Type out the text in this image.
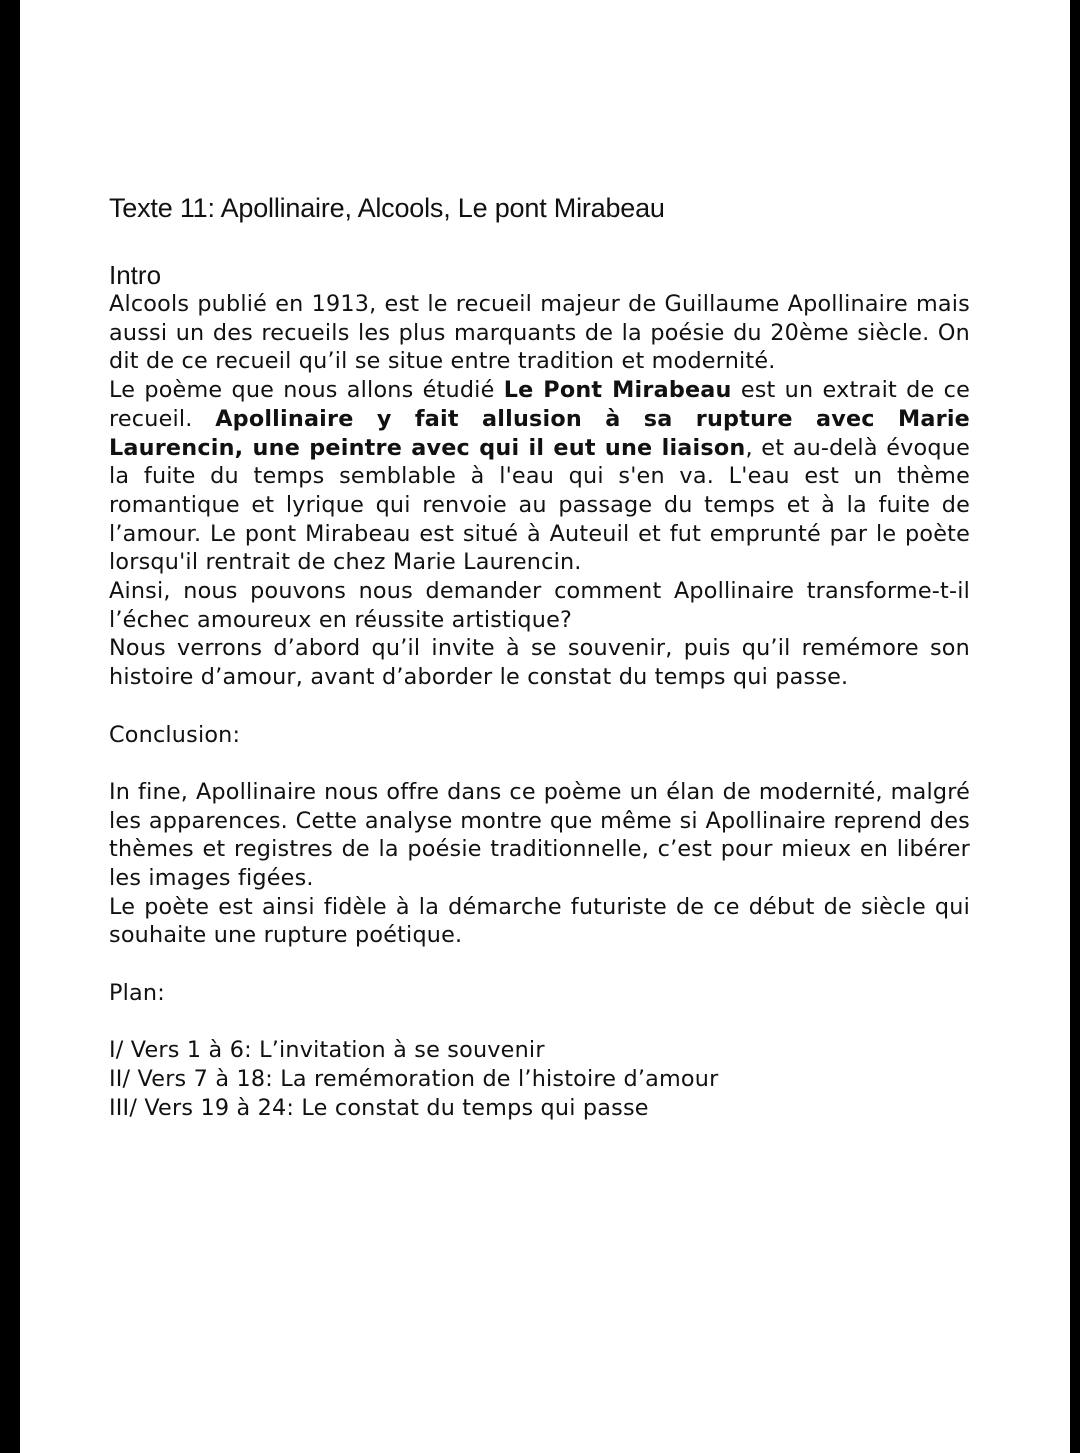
Texte 11: Apollinaire, Alcools, Le pont Mirabeau
Intro

Alcools publié en 1913, est le recueil majeur de Guillaume Apollinaire mais aussi un des recueils les plus marquants de la poésie du 20ème siècle. On dit de ce recueil qu’il se situe entre tradition et modernité.

Le poème que nous allons étudié Le Pont Mirabeau est un extrait de ce recueil. Apollinaire y fait allusion à sa rupture avec Marie Laurencin, une peintre avec qui il eut une liaison, et au-delà évoque la fuite du temps semblable à l'eau qui s'en va. L'eau est un thème romantique et lyrique qui renvoie au passage du temps et à la fuite de l’amour. Le pont Mirabeau est situé à Auteuil et fut emprunté par le poète lorsqu'il rentrait de chez Marie Laurencin.

Ainsi, nous pouvons nous demander comment Apollinaire transforme-t-il l’échec amoureux en réussite artistique?

Nous verrons d’abord qu’il invite à se souvenir, puis qu’il remémore son histoire d’amour, avant d’aborder le constat du temps qui passe.

Conclusion:

In fine, Apollinaire nous offre dans ce poème un élan de modernité, malgré les apparences. Cette analyse montre que même si Apollinaire reprend des thèmes et registres de la poésie traditionnelle, c’est pour mieux en libérer les images figées.

Le poète est ainsi fidèle à la démarche futuriste de ce début de siècle qui souhaite une rupture poétique.

Plan:

I/ Vers 1 à 6: L’invitation à se souvenir

II/ Vers 7 à 18: La remémoration de l’histoire d’amour

III/ Vers 19 à 24: Le constat du temps qui passe
